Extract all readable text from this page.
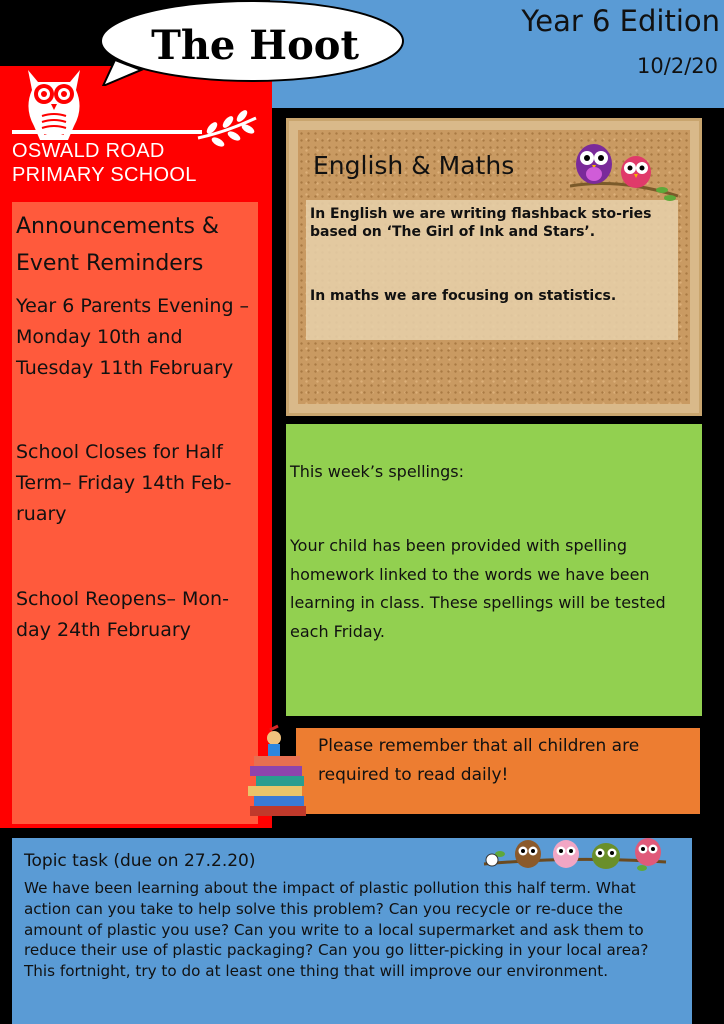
Year 6 Edition
10/2/20
The Hoot
OSWALD ROAD
PRIMARY SCHOOL
Announcements & Event Reminders
Year 6 Parents Evening – Monday 10th and Tuesday 11th February
School Closes for Half Term– Friday 14th Feb-ruary
School Reopens– Mon-day 24th February
English & Maths
In English we are writing flashback sto-ries based on ‘The Girl of Ink and Stars’.
In maths we are focusing on statistics.
This week’s spellings:
Your child has been provided with spelling homework linked to the words we have been learning in class. These spellings will be tested each Friday.
Please remember that all children are required to read daily!
Topic task (due on 27.2.20)
We have been learning about the impact of plastic pollution this half term. What action can you take to help solve this problem? Can you recycle or re-duce the amount of plastic you use? Can you write to a local supermarket and ask them to reduce their use of plastic packaging? Can you go litter-picking in your local area? This fortnight, try to do at least one thing that will improve our environment.
